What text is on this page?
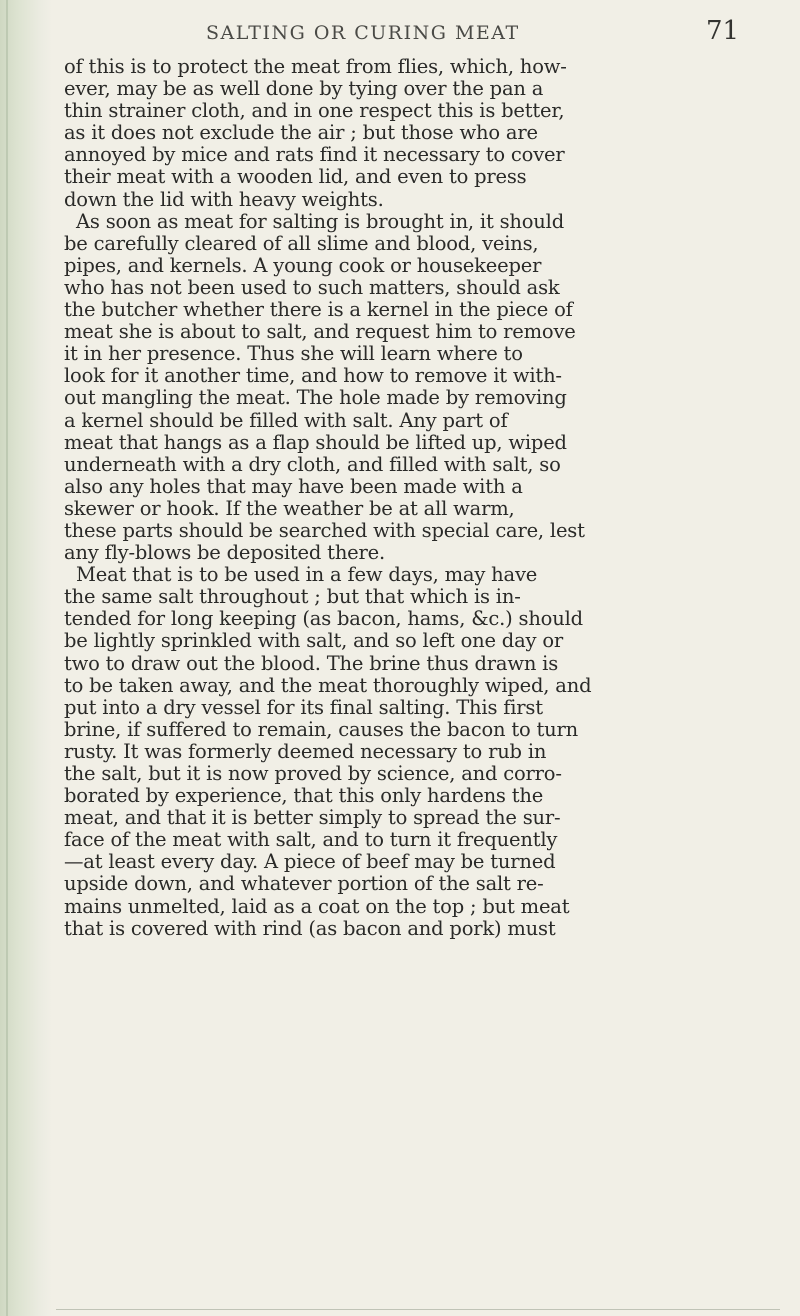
SALTING OR CURING MEAT	71
of this is to protect the meat from flies, which, how-
ever, may be as well done by tying over the pan a
thin strainer cloth, and in one respect this is better,
as it does not exclude the air ; but those who are
annoyed by mice and rats find it necessary to cover
their meat with a wooden lid, and even to press
down the lid with heavy weights.
As soon as meat for salting is brought in, it should
be carefully cleared of all slime and blood, veins,
pipes, and kernels. A young cook or housekeeper
who has not been used to such matters, should ask
the butcher whether there is a kernel in the piece of
meat she is about to salt, and request him to remove
it in her presence. Thus she will learn where to
look for it another time, and how to remove it with-
out mangling the meat. The hole made by removing
a kernel should be filled with salt. Any part of
meat that hangs as a flap should be lifted up, wiped
underneath with a dry cloth, and filled with salt, so
also any holes that may have been made with a
skewer or hook. If the weather be at all warm,
these parts should be searched with special care, lest
any fly-blows be deposited there.
Meat that is to be used in a few days, may have
the same salt throughout ; but that which is in-
tended for long keeping (as bacon, hams, &c.) should
be lightly sprinkled with salt, and so left one day or
two to draw out the blood. The brine thus drawn is
to be taken away, and the meat thoroughly wiped, and
put into a dry vessel for its final salting. This first
brine, if suffered to remain, causes the bacon to turn
rusty. It was formerly deemed necessary to rub in
the salt, but it is now proved by science, and corro-
borated by experience, that this only hardens the
meat, and that it is better simply to spread the sur-
face of the meat with salt, and to turn it frequently
—at least every day. A piece of beef may be turned
upside down, and whatever portion of the salt re-
mains unmelted, laid as a coat on the top ; but meat
that is covered with rind (as bacon and pork) must
